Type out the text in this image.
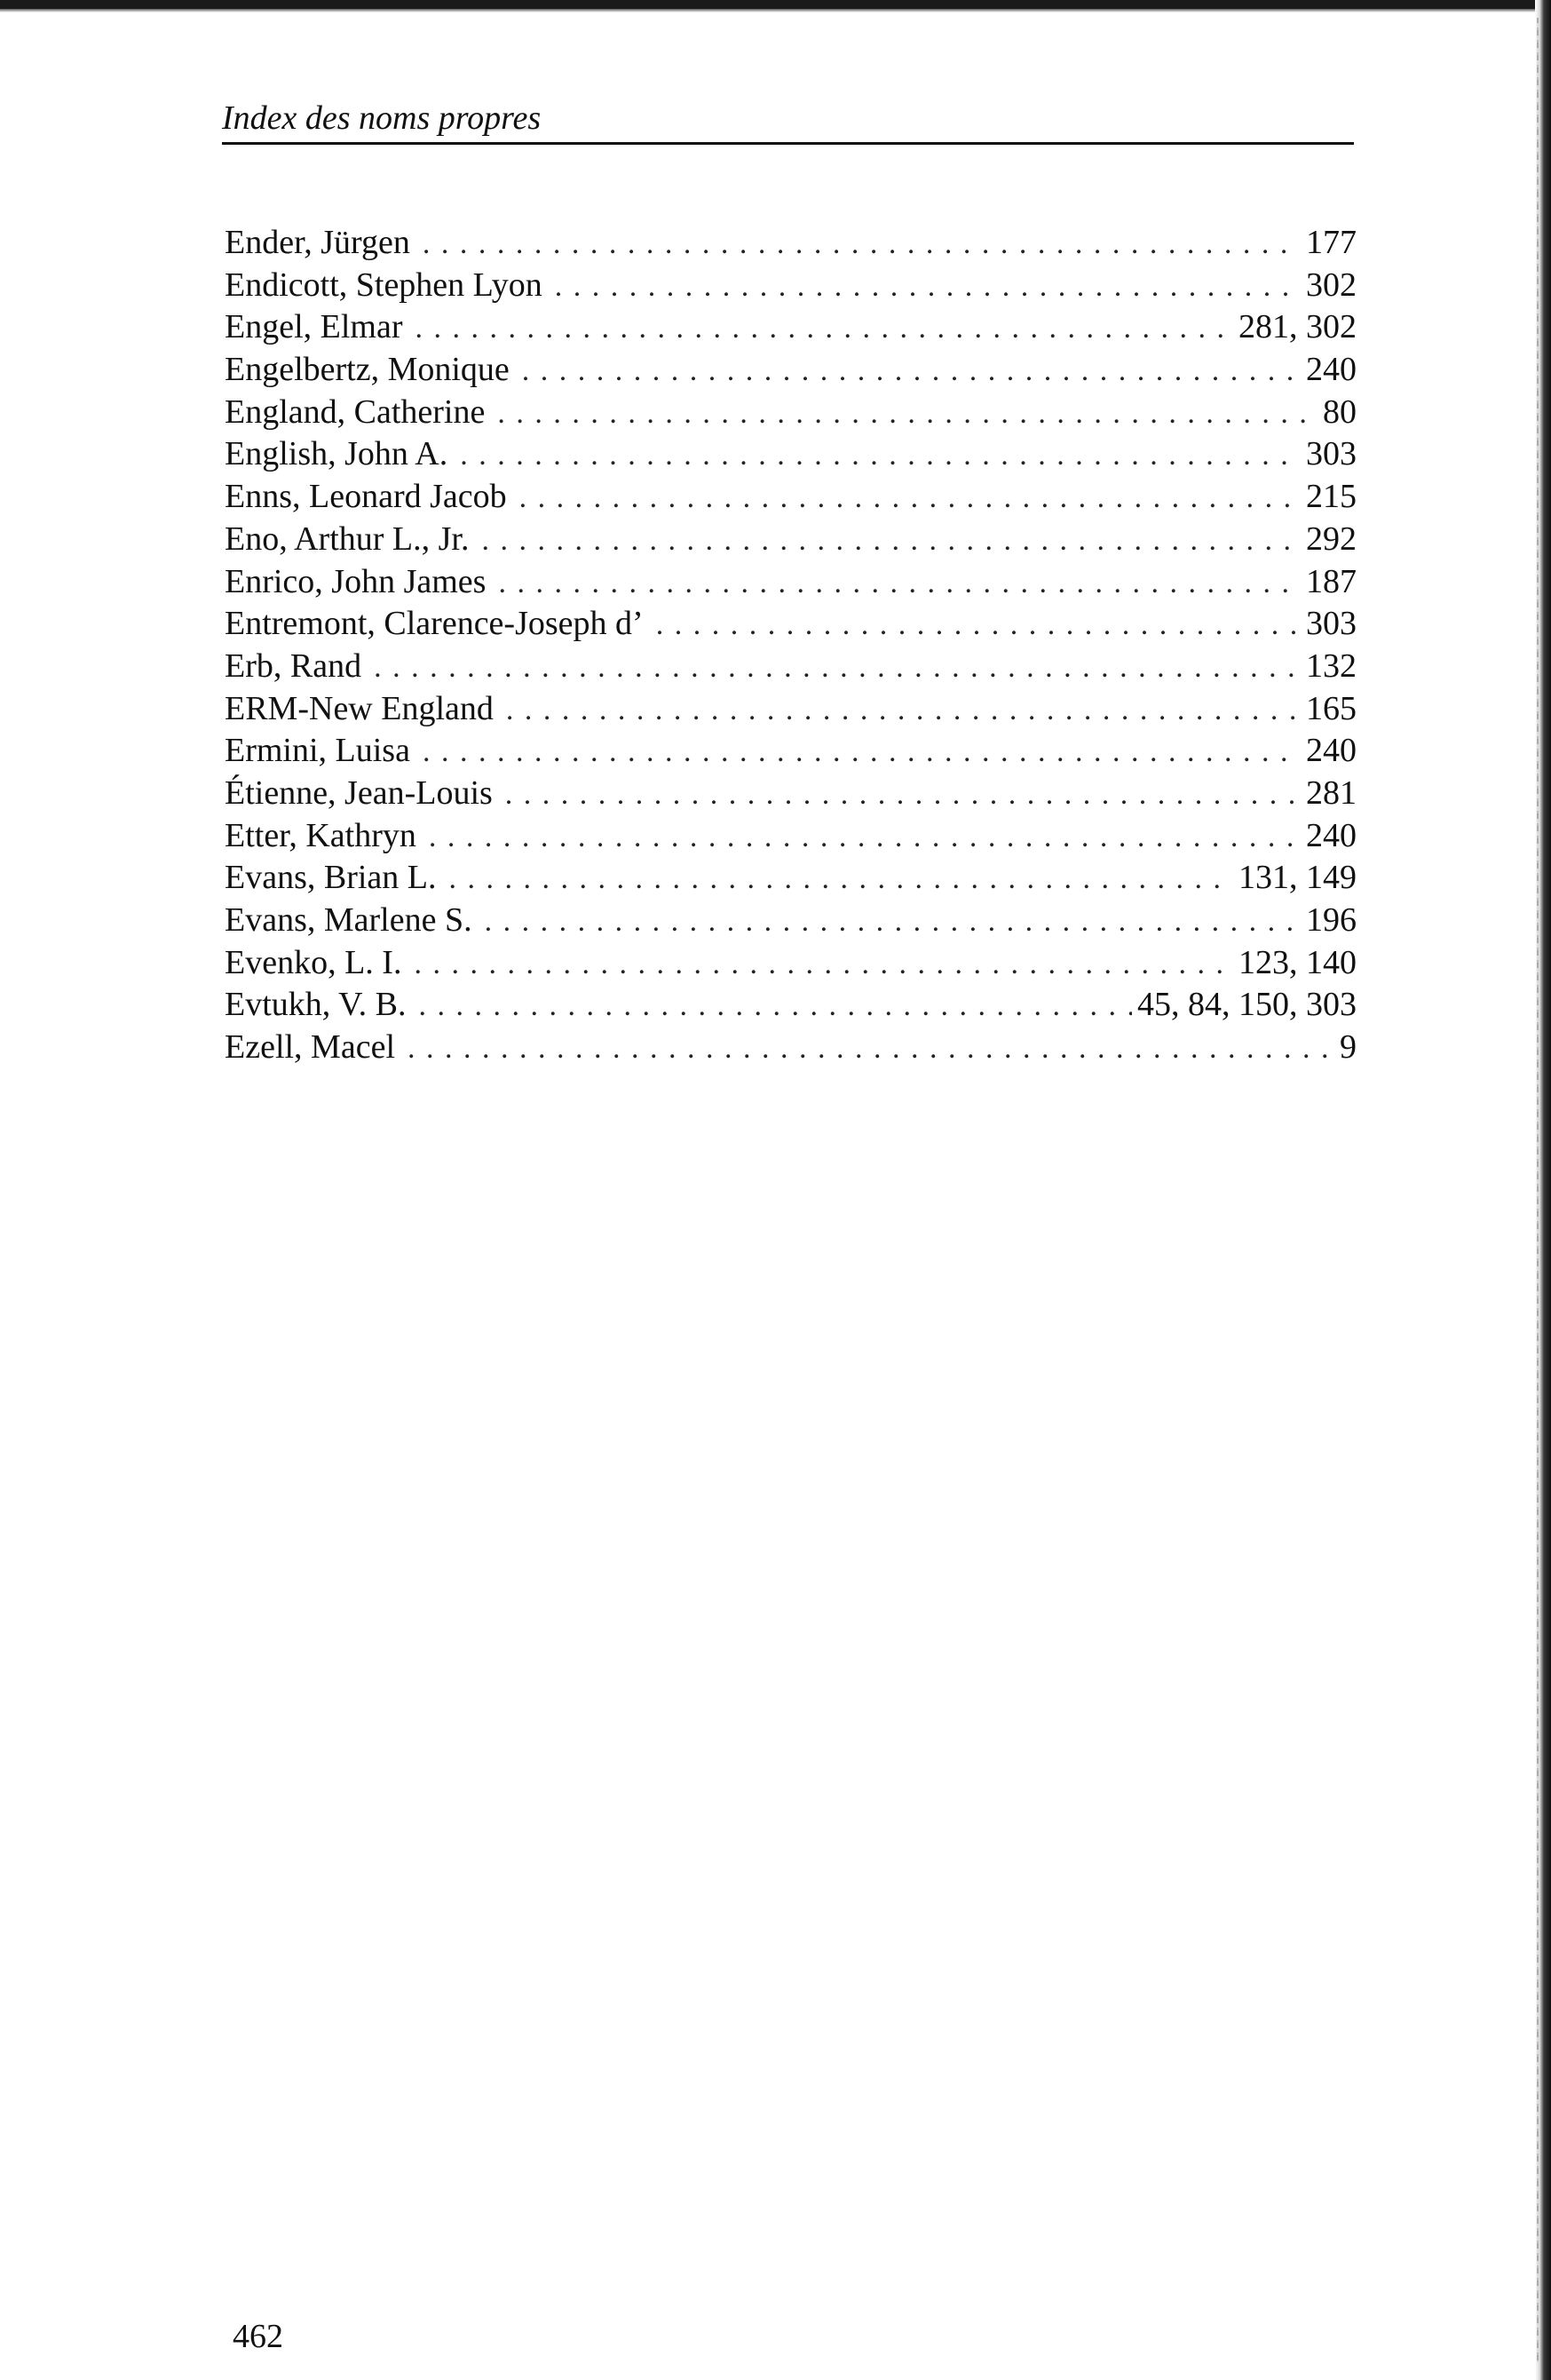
Index des noms propres
Ender, Jürgen . . .	177
Endicott, Stephen Lyon . . .	302
Engel, Elmar . . .	281, 302
Engelbertz, Monique . . .	240
England, Catherine . . .	80
English, John A. . . .	303
Enns, Leonard Jacob . . .	215
Eno, Arthur L., Jr. . . .	292
Enrico, John James . . .	187
Entremont, Clarence-Joseph d’ . . .	303
Erb, Rand . . .	132
ERM-New England . . .	165
Ermini, Luisa . . .	240
Étienne, Jean-Louis . . .	281
Etter, Kathryn . . .	240
Evans, Brian L. . . .	131, 149
Evans, Marlene S. . . .	196
Evenko, L. I. . . .	123, 140
Evtukh, V. B. . . .	45, 84, 150, 303
Ezell, Macel . . .	9
462
